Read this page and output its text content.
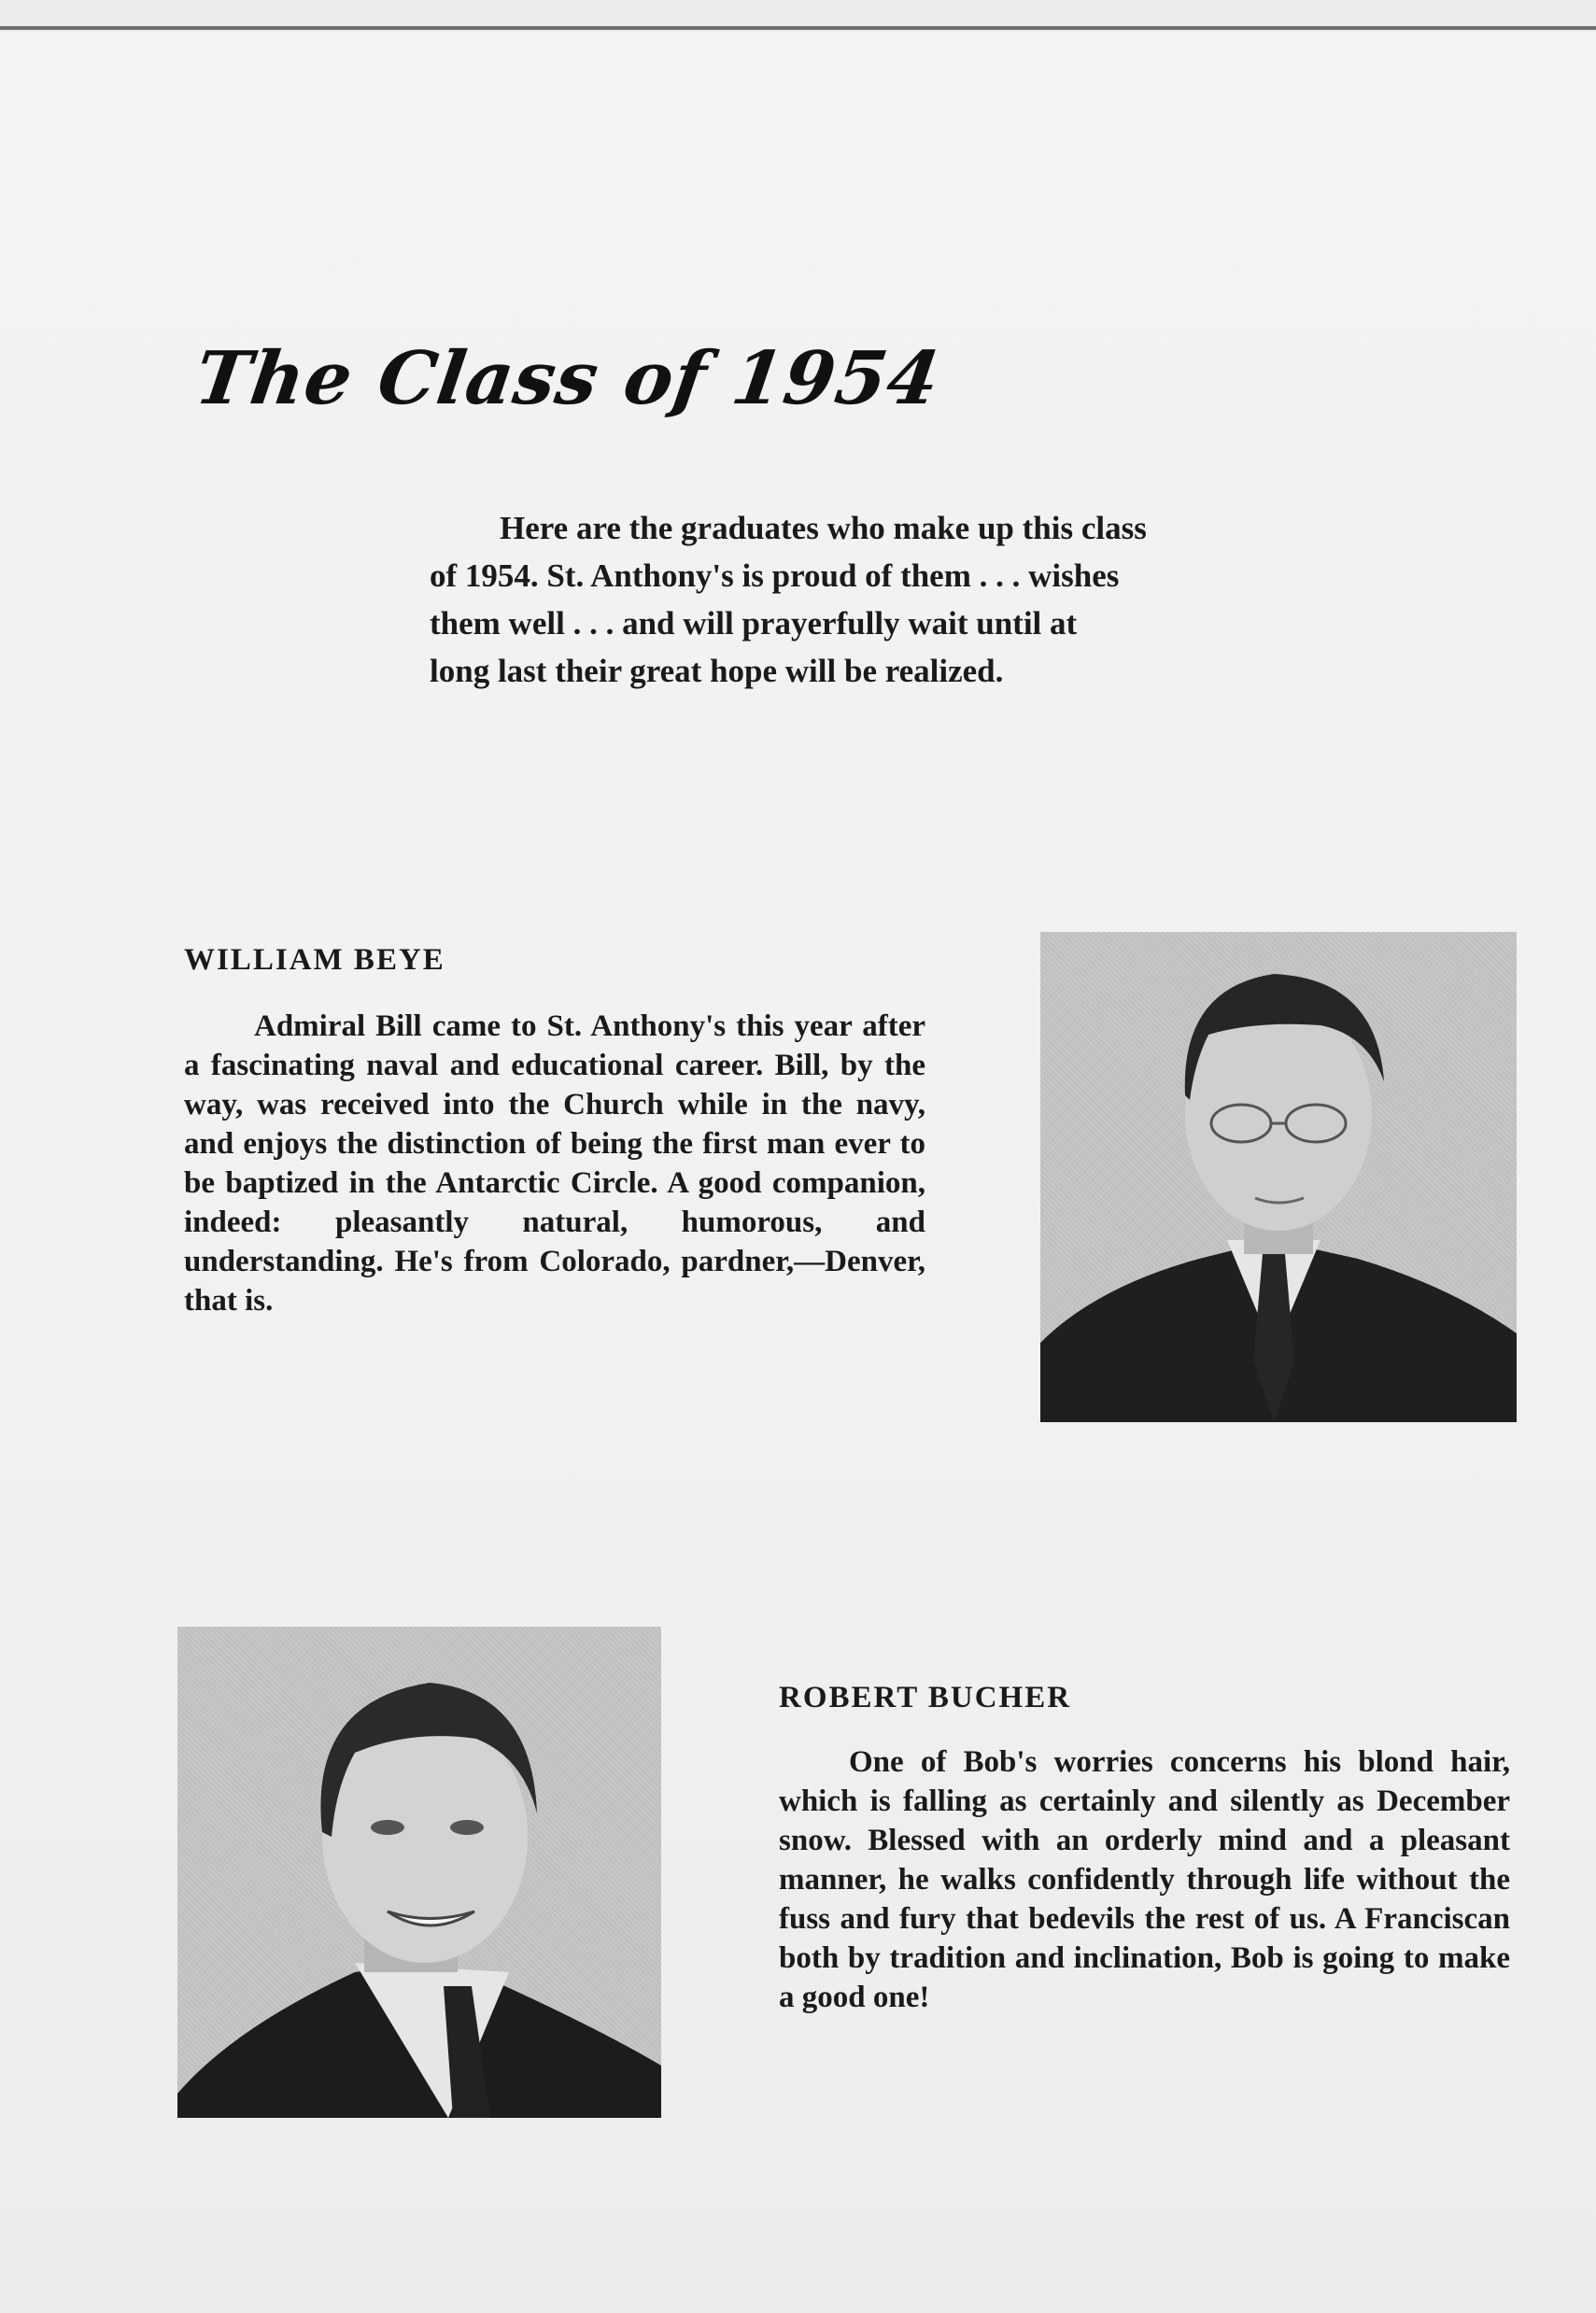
The Class of 1954
Here are the graduates who make up this class
of 1954. St. Anthony's is proud of them . . . wishes
them well . . . and will prayerfully wait until at
long last their great hope will be realized.
WILLIAM BEYE
Admiral Bill came to St. Anthony's this year after a fascinating naval and educational career. Bill, by the way, was received into the Church while in the navy, and enjoys the distinction of being the first man ever to be baptized in the Antarctic Circle. A good companion, indeed: pleasantly natural, humorous, and understanding. He's from Colorado, pardner,—Denver, that is.
ROBERT BUCHER
One of Bob's worries concerns his blond hair, which is falling as certainly and silently as December snow. Blessed with an orderly mind and a pleasant manner, he walks confidently through life without the fuss and fury that bedevils the rest of us. A Franciscan both by tradition and inclination, Bob is going to make a good one!
